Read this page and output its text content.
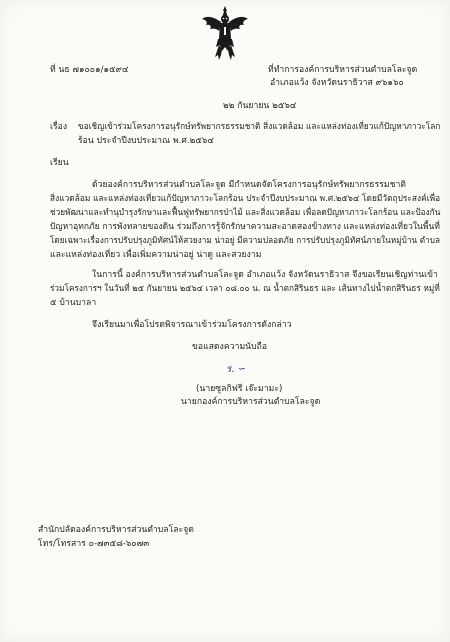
ที่ นธ ๗๑๐๐๑/๑๕๙๔	ที่ทำการองค์การบริหารส่วนตำบลโละจูด
อำเภอแว้ง จังหวัดนราธิวาส ๙๖๑๖๐
๒๒ กันยายน ๒๕๖๔
เรื่อง ขอเชิญเข้าร่วมโครงการอนุรักษ์ทรัพยากรธรรมชาติ สิ่งแวดล้อม และแหล่งท่องเที่ยวแก้ปัญหาภาวะโลก
ร้อน ประจำปีงบประมาณ พ.ศ.๒๕๖๔
เรียน
ด้วยองค์การบริหารส่วนตำบลโละจูด มีกำหนดจัดโครงการอนุรักษ์ทรัพยากรธรรมชาติ
สิ่งแวดล้อม และแหล่งท่องเที่ยวแก้ปัญหาภาวะโลกร้อน ประจำปีงบประมาณ พ.ศ.๒๕๖๔ โดยมีวัตถุประสงค์เพื่อ
ช่วยพัฒนาและทำนุบำรุงรักษาและฟื้นฟูทรัพยากรป่าไม้ และสิ่งแวดล้อม เพื่อลดปัญหาภาวะโลกร้อน และป้องกัน
ปัญหาอุทกภัย การพังทลายของดิน ร่วมถึงการรู้จักรักษาความสะอาดสองข้างทาง และแหล่งท่องเที่ยวในพื้นที่
โดยเฉพาะเรื่องการปรับปรุงภูมิทัศน์ให้สวยงาม น่าอยู่ มีความปลอดภัย การปรับปรุงภูมิทัศน์ภายในหมู่บ้าน ตำบล
และแหล่งท่องเที่ยว เพื่อเพิ่มความน่าอยู่ น่าดู และสวยงาม
ในการนี้ องค์การบริหารส่วนตำบลโละจูด อำเภอแว้ง จังหวัดนราธิวาส จึงขอเรียนเชิญท่านเข้า
ร่วมโครงการฯ ในวันที่ ๒๕ กันยายน ๒๕๖๔ เวลา ๐๘.๐๐ น. ณ น้ำตกสิรินธร และ เส้นทางไปน้ำตกสิรินธร หมู่ที่
๕ บ้านบาลา
จึงเรียนมาเพื่อโปรดพิจารณาเข้าร่วมโครงการดังกล่าว
ขอแสดงความนับถือ
ร. ∽
(นายซูลกิฟรี เจ๊ะมามะ)
นายกองค์การบริหารส่วนตำบลโละจูด
สำนักปลัดองค์การบริหารส่วนตำบลโละจูด
โทร/โทรสาร ๐-๗๓๕๘-๖๐๗๓
